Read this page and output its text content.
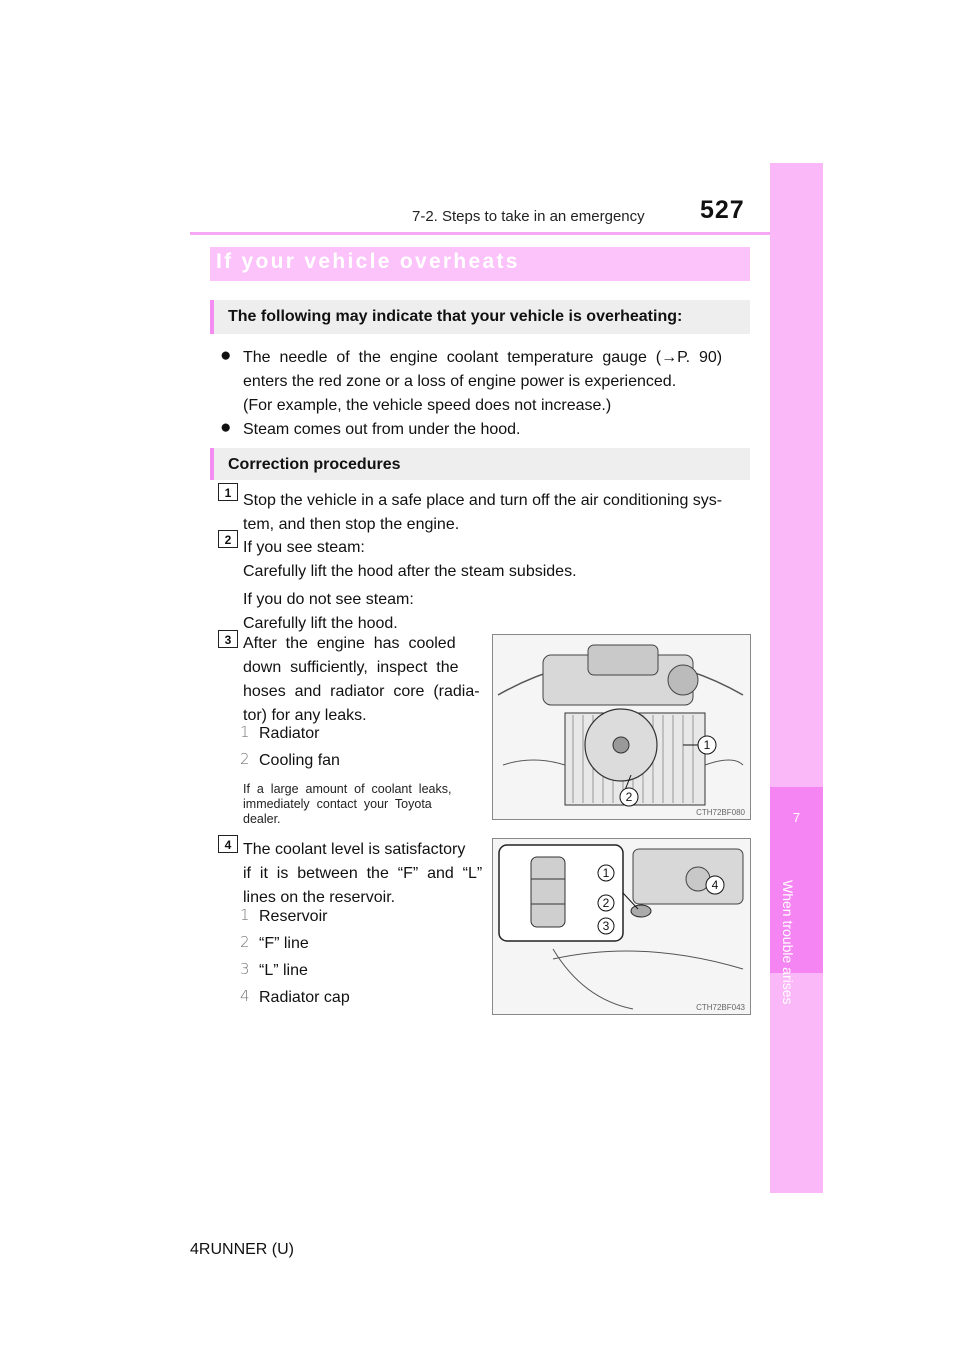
7-2. Steps to take in an emergency 527
7
When trouble arises
If your vehicle overheats
The following may indicate that your vehicle is overheating:
● The  needle  of  the  engine  coolant  temperature  gauge  (→P.  90)
enters the red zone or a loss of engine power is experienced.
(For example, the vehicle speed does not increase.)
● Steam comes out from under the hood.
Correction procedures
1 Stop the vehicle in a safe place and turn off the air conditioning sys-
tem, and then stop the engine.
2 If you see steam:
Carefully lift the hood after the steam subsides.
If you do not see steam:
Carefully lift the hood.
3 After  the  engine  has  cooled
down  sufficiently,  inspect  the
hoses  and  radiator  core  (radia-
tor) for any leaks.
1 Radiator
2 Cooling fan
If  a  large  amount  of  coolant  leaks,
immediately  contact  your  Toyota
dealer.
1
2
CTH72BF080
4 The coolant level is satisfactory
if  it  is  between  the  “F”  and  “L”
lines on the reservoir.
1 Reservoir
2 “F” line
3 “L” line
4 Radiator cap
1
2
3
4
CTH72BF043
4RUNNER (U)
